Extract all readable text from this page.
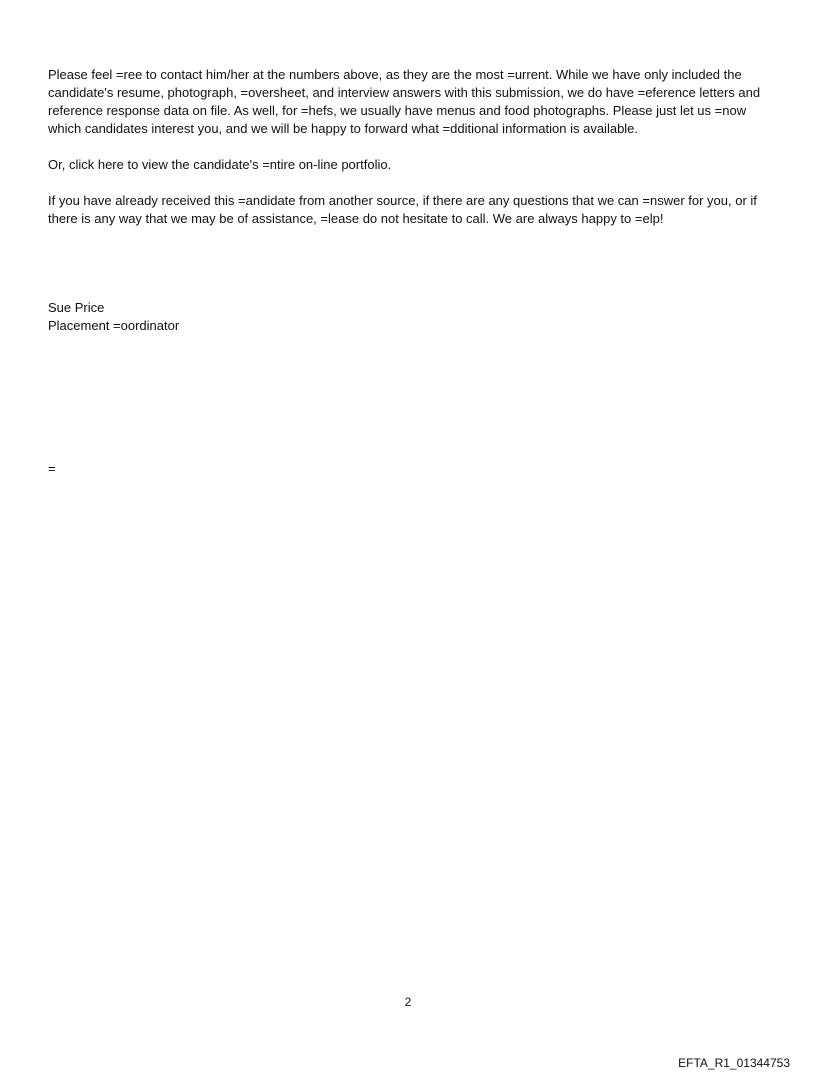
Please feel =ree to contact him/her at the numbers above, as they are the most =urrent. While we have only included the candidate's resume, photograph, =oversheet, and interview answers with this submission, we do have =eference letters and reference response data on file. As well, for =hefs, we usually have menus and food photographs. Please just let us =now which candidates interest you, and we will be happy to forward what =dditional information is available.

Or, click here to view the candidate's =ntire on-line portfolio.

If you have already received this =andidate from another source, if there are any questions that we can =nswer for you, or if there is any way that we may be of assistance, =lease do not hesitate to call. We are always happy to =elp!

Sue Price

Placement =oordinator

=

2

EFTA_R1_01344753
